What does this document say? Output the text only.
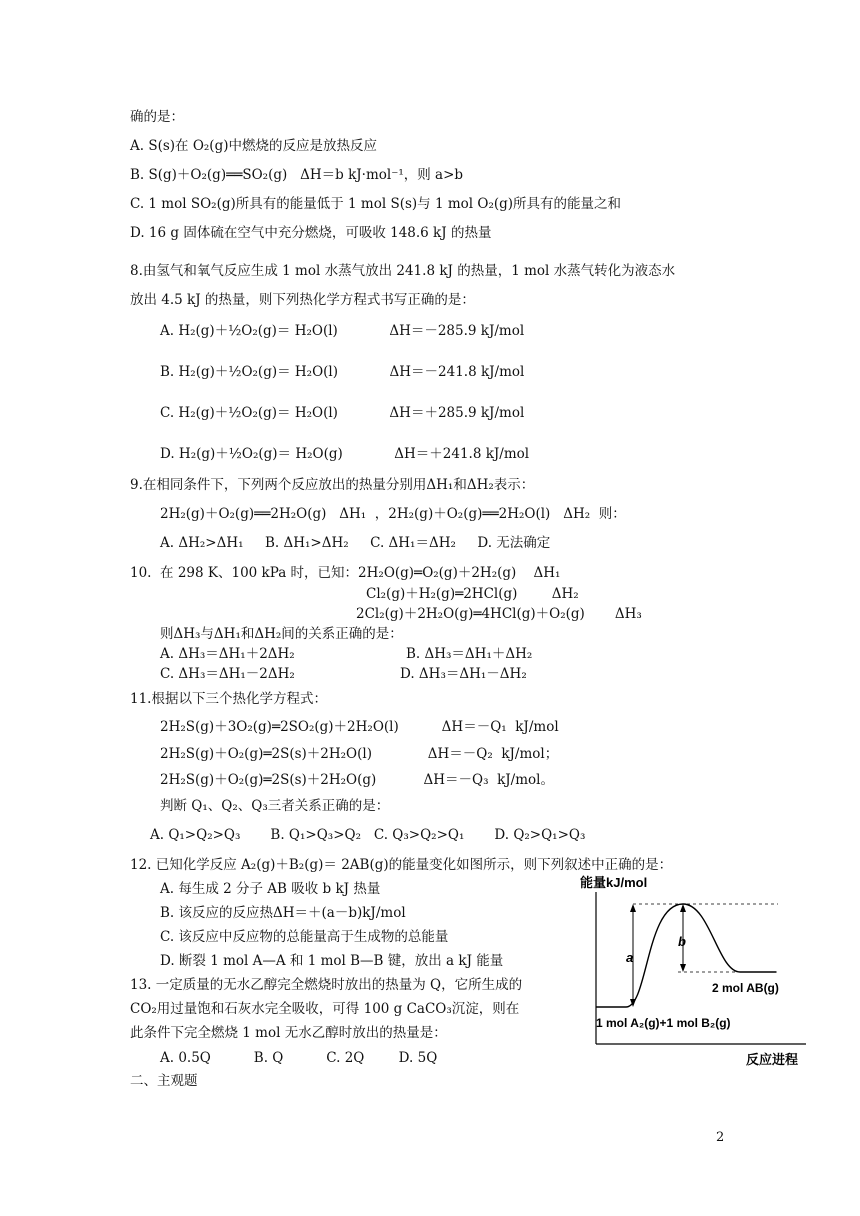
确的是：
A. S(s)在 O₂(g)中燃烧的反应是放热反应
B. S(g)＋O₂(g)══SO₂(g)   ΔH＝b kJ·mol⁻¹，则 a>b
C. 1 mol SO₂(g)所具有的能量低于 1 mol S(s)与 1 mol O₂(g)所具有的能量之和
D. 16 g 固体硫在空气中充分燃烧，可吸收 148.6 kJ 的热量
8.由氢气和氧气反应生成 1 mol 水蒸气放出 241.8 kJ 的热量，1 mol 水蒸气转化为液态水
放出 4.5 kJ 的热量，则下列热化学方程式书写正确的是：
A. H₂(g)＋½O₂(g)＝ H₂O(l)            ΔH＝－285.9 kJ/mol
B. H₂(g)＋½O₂(g)＝ H₂O(l)            ΔH＝－241.8 kJ/mol
C. H₂(g)＋½O₂(g)＝ H₂O(l)            ΔH＝＋285.9 kJ/mol
D. H₂(g)＋½O₂(g)＝ H₂O(g)            ΔH＝＋241.8 kJ/mol
9.在相同条件下，下列两个反应放出的热量分别用ΔH₁和ΔH₂表示：
2H₂(g)＋O₂(g)══2H₂O(g)   ΔH₁  ，2H₂(g)＋O₂(g)══2H₂O(l)   ΔH₂  则：
A. ΔH₂>ΔH₁     B. ΔH₁>ΔH₂     C. ΔH₁＝ΔH₂     D. 无法确定
10.  在 298 K、100 kPa 时，已知：2H₂O(g)═O₂(g)＋2H₂(g)    ΔH₁
Cl₂(g)＋H₂(g)═2HCl(g)        ΔH₂
2Cl₂(g)＋2H₂O(g)═4HCl(g)＋O₂(g)       ΔH₃
则ΔH₃与ΔH₁和ΔH₂间的关系正确的是：
A. ΔH₃＝ΔH₁＋2ΔH₂	B. ΔH₃＝ΔH₁＋ΔH₂
C. ΔH₃＝ΔH₁－2ΔH₂	D. ΔH₃＝ΔH₁－ΔH₂
11.根据以下三个热化学方程式：
2H₂S(g)＋3O₂(g)═2SO₂(g)＋2H₂O(l)          ΔH＝－Q₁  kJ/mol
2H₂S(g)＋O₂(g)═2S(s)＋2H₂O(l)             ΔH＝－Q₂  kJ/mol；
2H₂S(g)＋O₂(g)═2S(s)＋2H₂O(g)           ΔH＝－Q₃  kJ/mol。
判断 Q₁、Q₂、Q₃三者关系正确的是：
A. Q₁>Q₂>Q₃       B. Q₁>Q₃>Q₂   C. Q₃>Q₂>Q₁       D. Q₂>Q₁>Q₃
12. 已知化学反应 A₂(g)＋B₂(g)＝ 2AB(g)的能量变化如图所示，则下列叙述中正确的是：
A. 每生成 2 分子 AB 吸收 b kJ 热量
B. 该反应的反应热ΔH＝＋(a－b)kJ/mol
C. 该反应中反应物的总能量高于生成物的总能量
D. 断裂 1 mol A—A 和 1 mol B—B 键，放出 a kJ 能量
13. 一定质量的无水乙醇完全燃烧时放出的热量为 Q，它所生成的
CO₂用过量饱和石灰水完全吸收，可得 100 g CaCO₃沉淀，则在
此条件下完全燃烧 1 mol 无水乙醇时放出的热量是：
A. 0.5Q          B. Q          C. 2Q        D. 5Q
二、主观题
2
能量kJ/mol
反应进程
a
b
2 mol AB(g)
1 mol A₂(g)+1 mol B₂(g)
